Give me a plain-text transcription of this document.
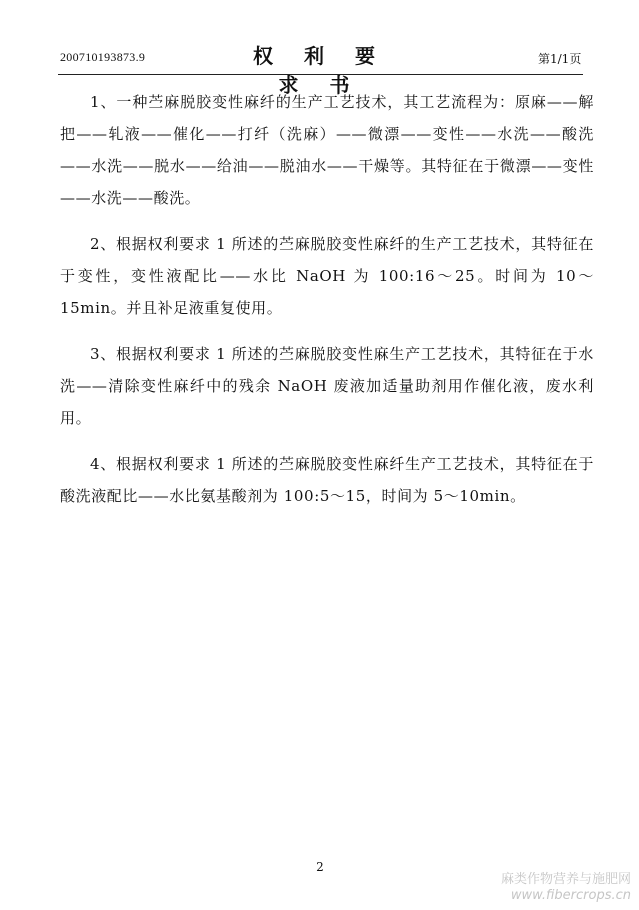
200710193873.9	权 利 要 求 书
第1/1页

1、一种苎麻脱胶变性麻纤的生产工艺技术，其工艺流程为：原麻——解把——轧液——催化——打纤（洗麻）——微漂——变性——水洗——酸洗——水洗——脱水——给油——脱油水——干燥等。其特征在于微漂——变性——水洗——酸洗。

2、根据权利要求 1 所述的苎麻脱胶变性麻纤的生产工艺技术，其特征在于变性，变性液配比——水比 NaOH 为 100:16～25。时间为 10～15min。并且补足液重复使用。

3、根据权利要求 1 所述的苎麻脱胶变性麻生产工艺技术，其特征在于水洗——清除变性麻纤中的残余 NaOH 废液加适量助剂用作催化液，废水利用。

4、根据权利要求 1 所述的苎麻脱胶变性麻纤生产工艺技术，其特征在于酸洗液配比——水比氨基酸剂为 100:5～15，时间为 5～10min。

2
麻类作物营养与施肥网
www.fibercrops.cn
